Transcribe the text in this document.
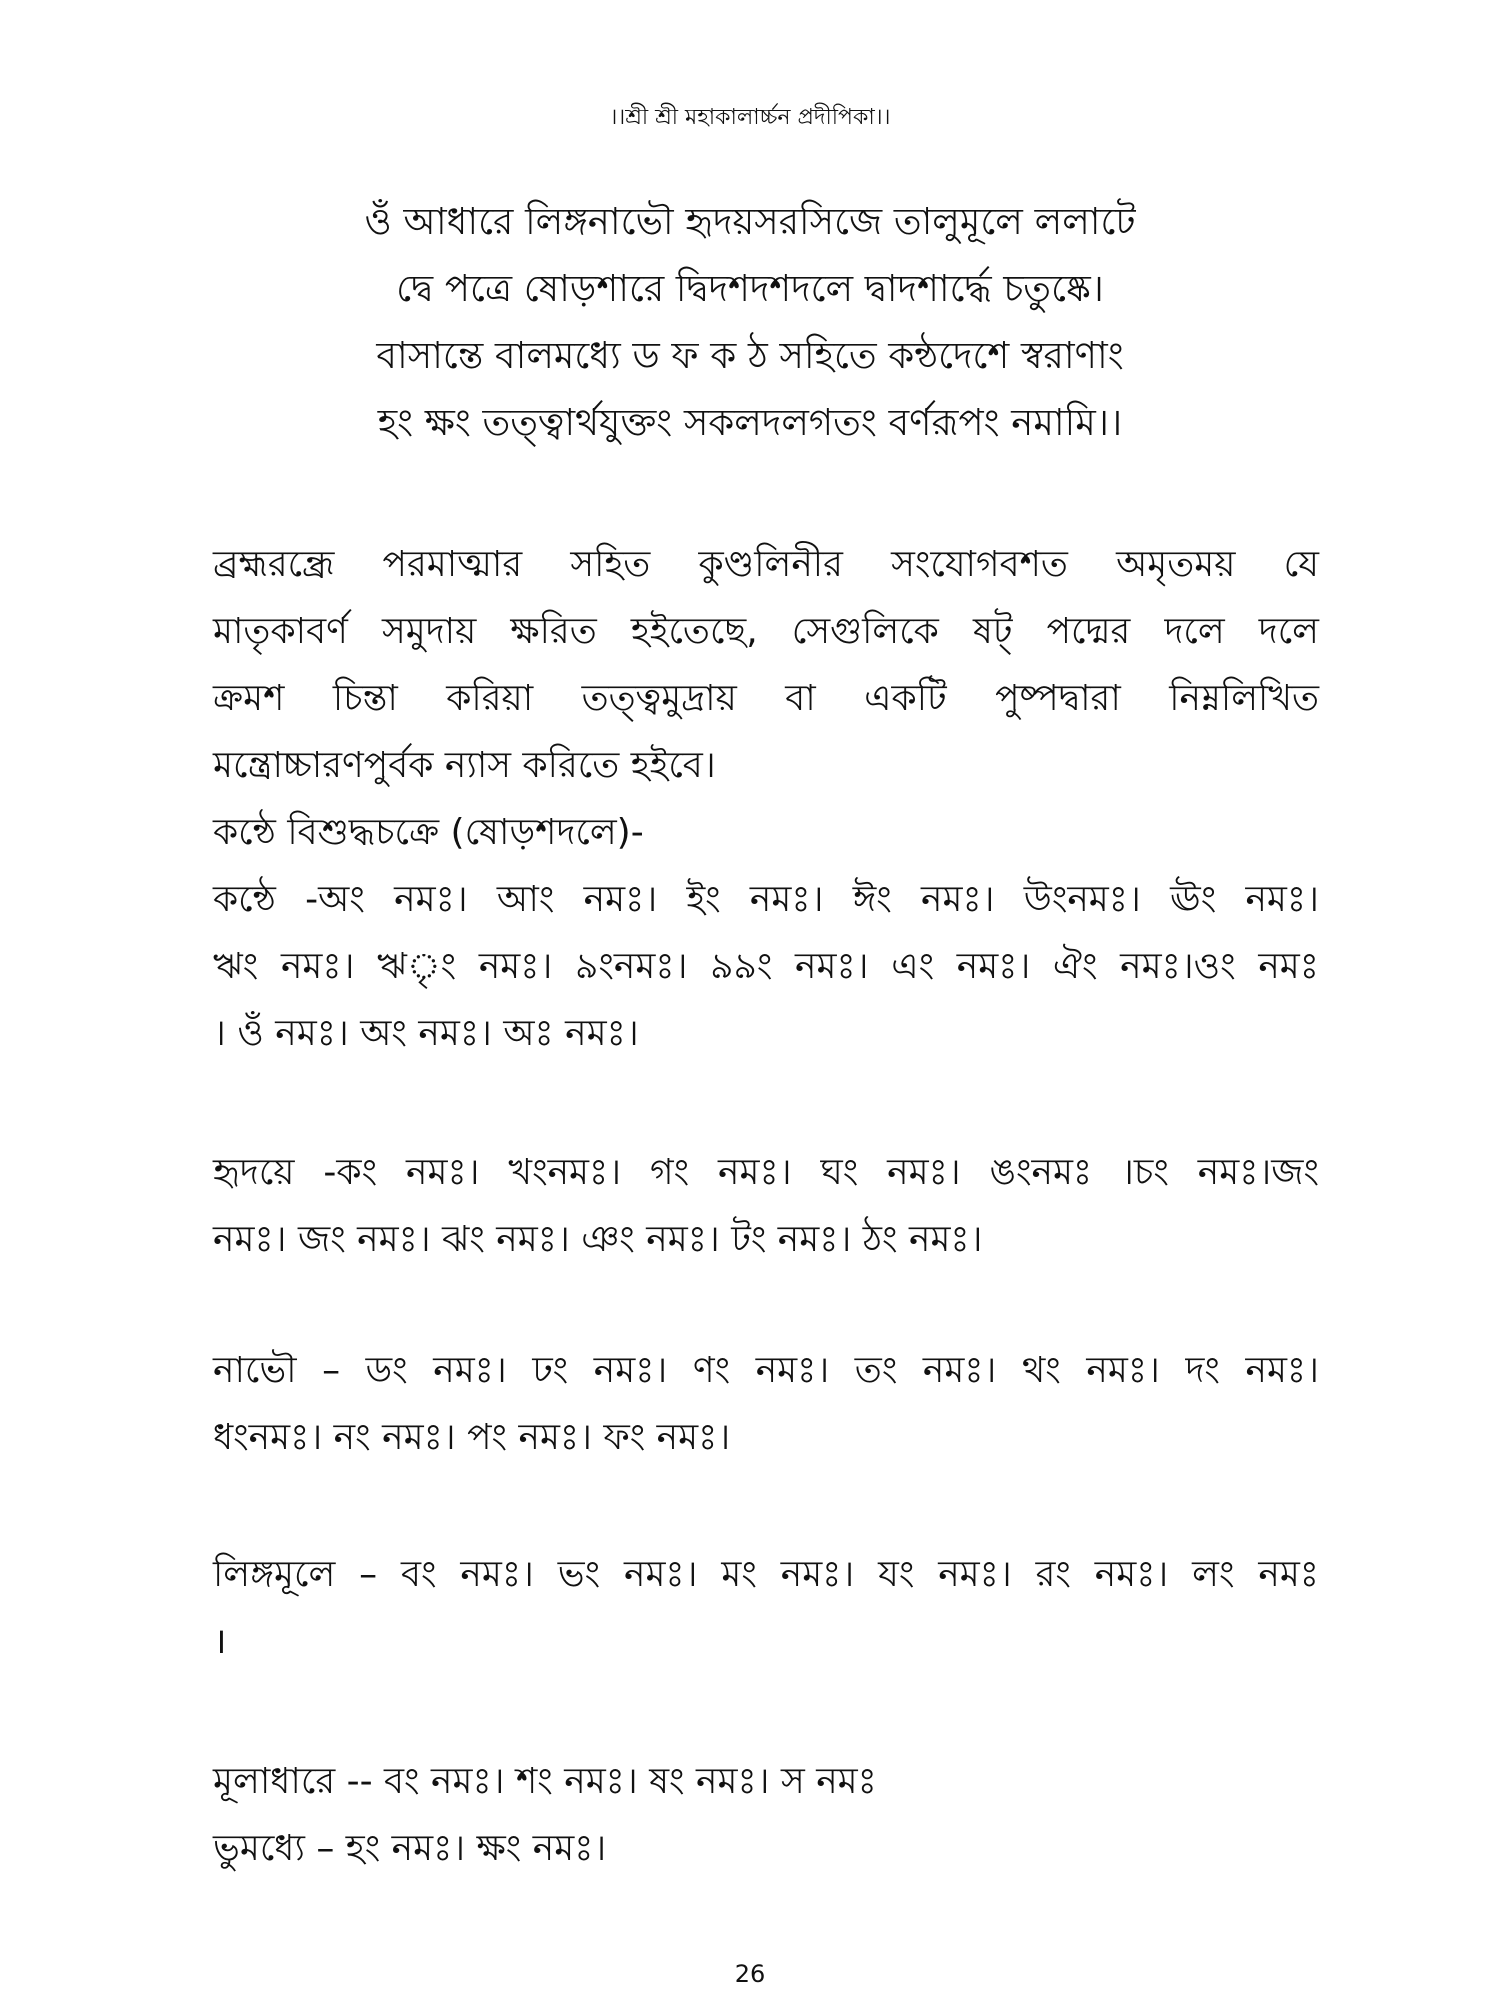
।।শ্রী শ্রী মহাকালার্চ্চন প্রদীপিকা।।
ওঁ আধারে লিঙ্গনাভৌ হৃদয়সরসিজে তালুমূলে ললাটে
দ্বে পত্রে ষোড়শারে দ্বিদশদশদলে দ্বাদশার্দ্ধে চতুষ্কে।
বাসান্তে বালমধ্যে ড ফ ক ঠ সহিতে কন্ঠদেশে স্বরাণাং
হং ক্ষং তত্ত্বার্থযুক্তং সকলদলগতং বর্ণরূপং নমামি।।
ব্রহ্মরন্ধ্রে পরমাত্মার সহিত কুণ্ডলিনীর সংযোগবশত অমৃতময় যে
মাতৃকাবর্ণ সমুদায় ক্ষরিত হইতেছে, সেগুলিকে ষট্ পদ্মের দলে দলে
ক্রমশ চিন্তা করিয়া তত্ত্বমুদ্রায় বা একটি পুষ্পদ্বারা নিম্নলিখিত
মন্ত্রোচ্চারণপুর্বক ন্যাস করিতে হইবে।
কন্ঠে বিশুদ্ধচক্রে (ষোড়শদলে)-
কন্ঠে -অং নমঃ। আং নমঃ। ইং নমঃ। ঈং নমঃ। উংনমঃ। ঊং নমঃ।
ঋং নমঃ। ঋৃং নমঃ। ৯ংনমঃ। ৯৯ং নমঃ। এং নমঃ। ঐং নমঃ।ওং নমঃ
। ওঁ নমঃ। অং নমঃ। অঃ নমঃ।
হৃদয়ে -কং নমঃ। খংনমঃ। গং নমঃ। ঘং নমঃ। ঙংনমঃ ।চং নমঃ।জং
নমঃ। জং নমঃ। ঝং নমঃ। ঞং নমঃ। টং নমঃ। ঠং নমঃ।
নাভৌ – ডং নমঃ। ঢং নমঃ। ণং নমঃ। তং নমঃ। থং নমঃ। দং নমঃ।
ধংনমঃ। নং নমঃ। পং নমঃ। ফং নমঃ।
লিঙ্গমূলে – বং নমঃ। ভং নমঃ। মং নমঃ। যং নমঃ। রং নমঃ। লং নমঃ
।
মূলাধারে -- বং নমঃ। শং নমঃ। ষং নমঃ। স নমঃ
ভুমধ্যে – হং নমঃ। ক্ষং নমঃ।
26
